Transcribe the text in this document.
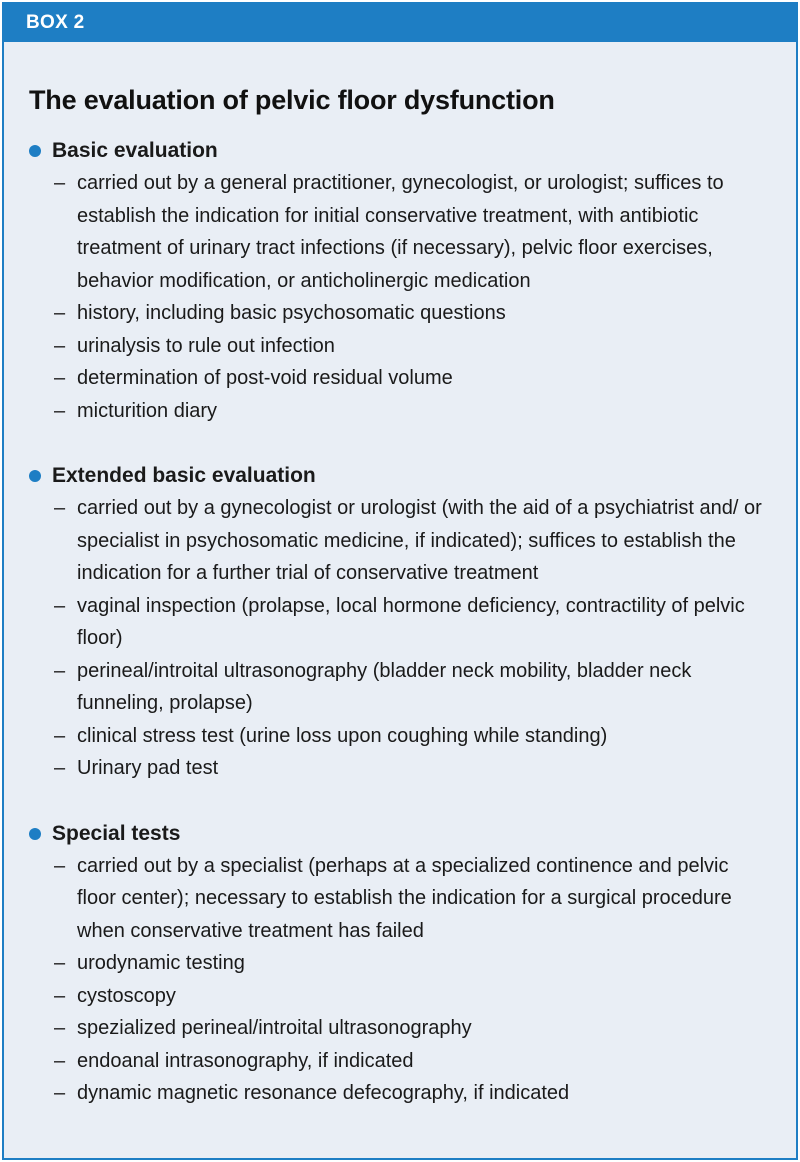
BOX 2
The evaluation of pelvic floor dysfunction
Basic evaluation
– carried out by a general practitioner, gynecologist, or urologist; suffices to establish the indication for initial conservative treatment, with antibiotic treatment of urinary tract infections (if necessary), pelvic floor exercises, behavior modification, or anticholinergic medication
– history, including basic psychosomatic questions
– urinalysis to rule out infection
– determination of post-void residual volume
– micturition diary
Extended basic evaluation
– carried out by a gynecologist or urologist (with the aid of a psychiatrist and/ or specialist in psychosomatic medicine, if indicated); suffices to establish the indication for a further trial of conservative treatment
– vaginal inspection (prolapse, local hormone deficiency, contractility of pelvic floor)
– perineal/introital ultrasonography (bladder neck mobility, bladder neck funneling, prolapse)
– clinical stress test (urine loss upon coughing while standing)
– Urinary pad test
Special tests
– carried out by a specialist (perhaps at a specialized continence and pelvic floor center); necessary to establish the indication for a surgical procedure when conservative treatment has failed
– urodynamic testing
– cystoscopy
– spezialized perineal/introital ultrasonography
– endoanal intrasonography, if indicated
– dynamic magnetic resonance defecography, if indicated
